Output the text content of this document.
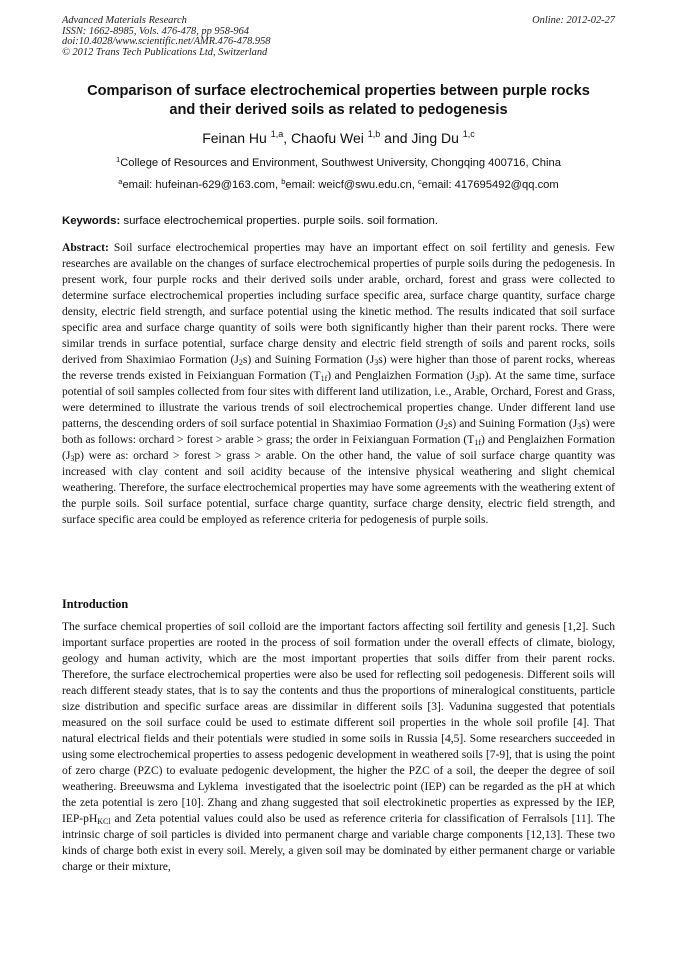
Advanced Materials Research
ISSN: 1662-8985, Vols. 476-478, pp 958-964
doi:10.4028/www.scientific.net/AMR.476-478.958
© 2012 Trans Tech Publications Ltd, Switzerland
Online: 2012-02-27
Comparison of surface electrochemical properties between purple rocks
and their derived soils as related to pedogenesis
Feinan Hu $^{1,a}$, Chaofu Wei $^{1,b}$ and Jing Du $^{1,c}$
$^1$College of Resources and Environment, Southwest University, Chongqing 400716, China
$^a$email: hufeinan-629@163.com, $^b$email: weicf@swu.edu.cn, $^c$email: 417695492@qq.com
Keywords: surface electrochemical properties. purple soils. soil formation.
Abstract: Soil surface electrochemical properties may have an important effect on soil fertility and genesis. Few researches are available on the changes of surface electrochemical properties of purple soils during the pedogenesis. In present work, four purple rocks and their derived soils under arable, orchard, forest and grass were collected to determine surface electrochemical properties including surface specific area, surface charge quantity, surface charge density, electric field strength, and surface potential using the kinetic method. The results indicated that soil surface specific area and surface charge quantity of soils were both significantly higher than their parent rocks. There were similar trends in surface potential, surface charge density and electric field strength of soils and parent rocks, soils derived from Shaximiao Formation $(J_2s)$ and Suining Formation $(J_3s)$ were higher than those of parent rocks, whereas the reverse trends existed in Feixianguan Formation $(T_{1f})$ and Penglaizhen Formation $(J_3p)$. At the same time, surface potential of soil samples collected from four sites with different land utilization, i.e., Arable, Orchard, Forest and Grass, were determined to illustrate the various trends of soil electrochemical properties change. Under different land use patterns, the descending orders of soil surface potential in Shaximiao Formation $(J_2s)$ and Suining Formation $(J_3s)$ were both as follows: orchard > forest > arable > grass; the order in Feixianguan Formation $(T_{1f})$ and Penglaizhen Formation $(J_3p)$ were as: orchard > forest > grass > arable. On the other hand, the value of soil surface charge quantity was increased with clay content and soil acidity because of the intensive physical weathering and slight chemical weathering. Therefore, the surface electrochemical properties may have some agreements with the weathering extent of the purple soils. Soil surface potential, surface charge quantity, surface charge density, electric field strength, and surface specific area could be employed as reference criteria for pedogenesis of purple soils.
Introduction
The surface chemical properties of soil colloid are the important factors affecting soil fertility and genesis [1,2]. Such important surface properties are rooted in the process of soil formation under the overall effects of climate, biology, geology and human activity, which are the most important properties that soils differ from their parent rocks. Therefore, the surface electrochemical properties were also be used for reflecting soil pedogenesis. Different soils will reach different steady states, that is to say the contents and thus the proportions of mineralogical constituents, particle size distribution and specific surface areas are dissimilar in different soils [3]. Vadunina suggested that potentials measured on the soil surface could be used to estimate different soil properties in the whole soil profile [4]. That natural electrical fields and their potentials were studied in some soils in Russia [4,5]. Some researchers succeeded in using some electrochemical properties to assess pedogenic development in weathered soils [7-9], that is using the point of zero charge (PZC) to evaluate pedogenic development, the higher the PZC of a soil, the deeper the degree of soil weathering. Breeuwsma and Lyklema  investigated that the isoelectric point (IEP) can be regarded as the pH at which the zeta potential is zero [10]. Zhang and zhang suggested that soil electrokinetic properties as expressed by the IEP, IEP-$pH_{KCl}$ and Zeta potential values could also be used as reference criteria for classification of Ferralsols [11]. The intrinsic charge of soil particles is divided into permanent charge and variable charge components [12,13]. These two kinds of charge both exist in every soil. Merely, a given soil may be dominated by either permanent charge or variable charge or their mixture,
